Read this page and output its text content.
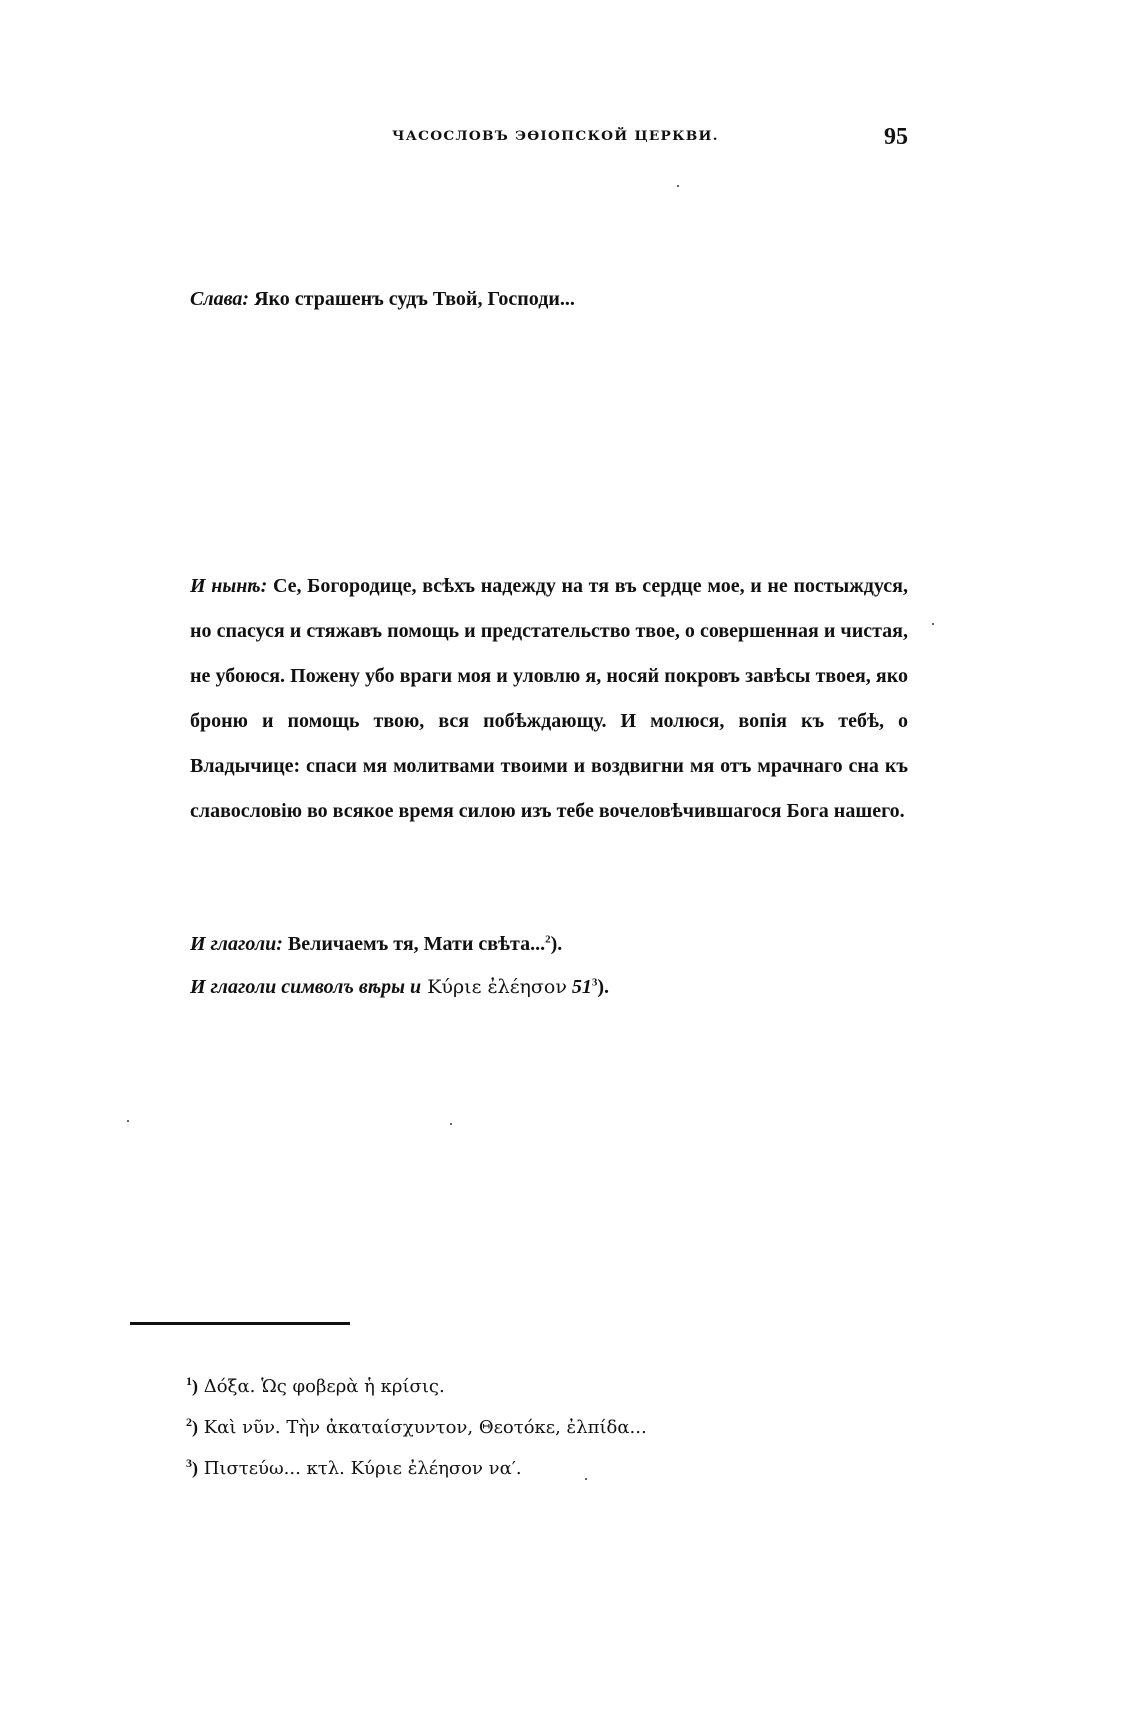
ЧАСОСЛОВЪ ЭѲІОПСКОЙ ЦЕРКВИ.	95
Слава: Яко страшенъ судъ Твой, Господи...
И нынѣ: Се, Богородице, всѣхъ надежду на тя въ сердце мое, и не постыждуся, но спасуся и стяжавъ помощь и предстательство твое, о совершенная и чистая, не убоюся. Пожену убо враги моя и уловлю я, носяй покровъ завѣсы твоея, яко броню и помощь твою, вся побѣждающу. И молюся, вопія къ тебѣ, о Владычице: спаси мя молитвами твоими и воздвигни мя отъ мрачнаго сна къ славословію во всякое время силою изъ тебе вочеловѣчившагося Бога нашего.
И глаголи: Величаемъ тя, Мати свѣта...$^2$).
И глаголи символъ вѣры и Κύριε ἐλέησον $51^3$).
$^1$) Δόξα. Ὡς φοβερὰ ἡ κρίσις.
$^2$) Καὶ νῦν. Τὴν ἀκαταίσχυντον, Θεοτόκε, ἐλπίδα...
$^3$) Πιστεύω... κτλ. Κύριε ἐλέησον να′.
